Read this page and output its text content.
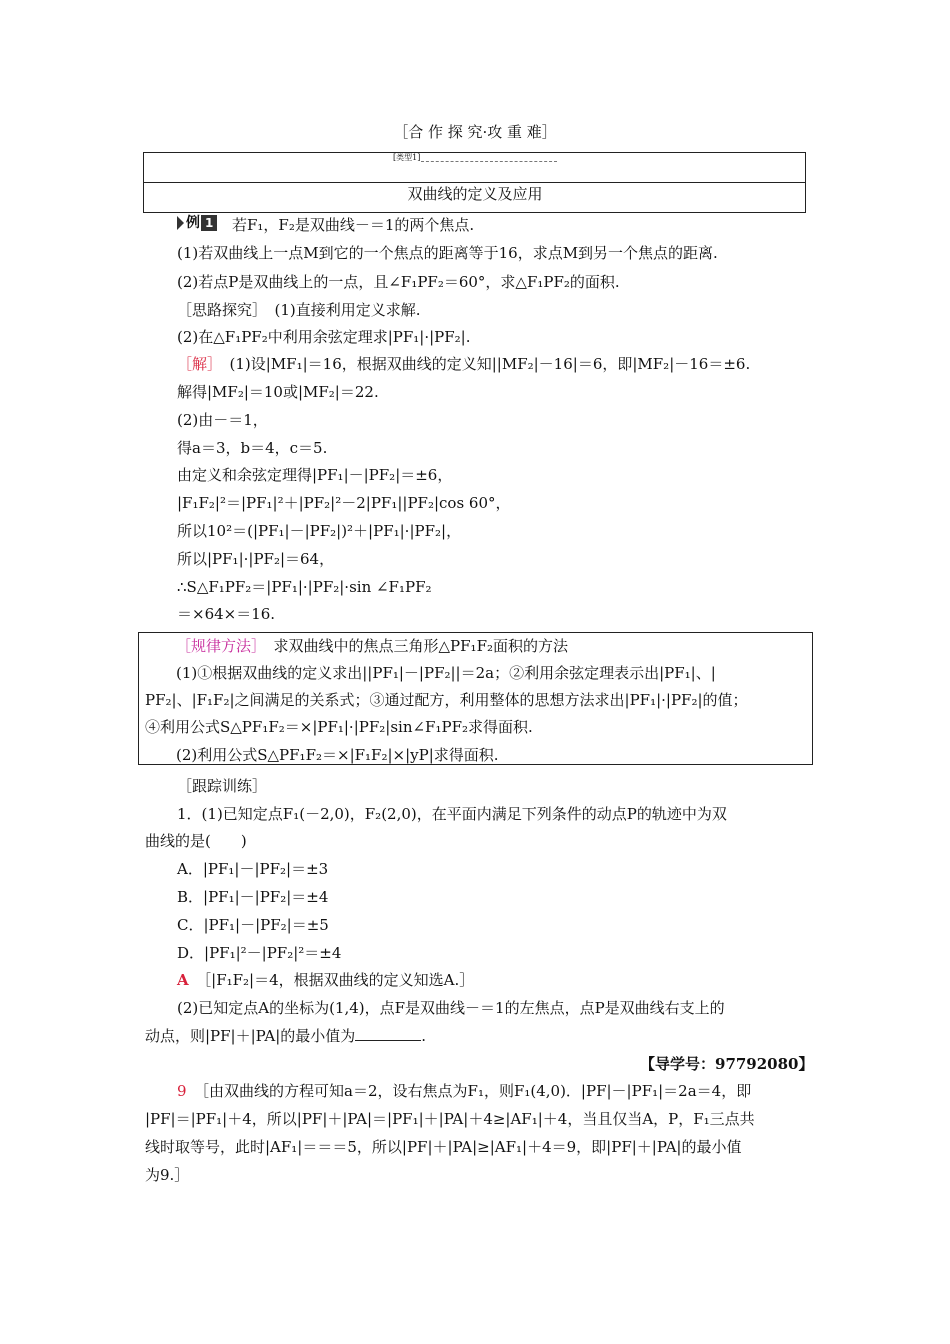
［合 作 探 究·攻 重 难］
[类型1]
双曲线的定义及应用
例 1 若F₁，F₂是双曲线－＝1的两个焦点.
(1)若双曲线上一点M到它的一个焦点的距离等于16，求点M到另一个焦点的距离.
(2)若点P是双曲线上的一点，且∠F₁PF₂＝60°，求△F₁PF₂的面积.
［思路探究］　(1)直接利用定义求解.
(2)在△F₁PF₂中利用余弦定理求|PF₁|·|PF₂|.
［解］　(1)设|MF₁|＝16，根据双曲线的定义知||MF₂|－16|＝6，即|MF₂|－16＝±6.
解得|MF₂|＝10或|MF₂|＝22.
(2)由－＝1，
得a＝3，b＝4，c＝5.
由定义和余弦定理得|PF₁|－|PF₂|＝±6，
|F₁F₂|²＝|PF₁|²＋|PF₂|²－2|PF₁||PF₂|cos 60°，
所以10²＝(|PF₁|－|PF₂|)²＋|PF₁|·|PF₂|，
所以|PF₁|·|PF₂|＝64，
∴S△F₁PF₂＝|PF₁|·|PF₂|·sin ∠F₁PF₂
＝×64×＝16.
［规律方法］　求双曲线中的焦点三角形△PF₁F₂面积的方法
(1)①根据双曲线的定义求出||PF₁|－|PF₂||＝2a；②利用余弦定理表示出|PF₁|、|
PF₂|、|F₁F₂|之间满足的关系式；③通过配方，利用整体的思想方法求出|PF₁|·|PF₂|的值；
④利用公式S△PF₁F₂＝×|PF₁|·|PF₂|sin∠F₁PF₂求得面积.
(2)利用公式S△PF₁F₂＝×|F₁F₂|×|yP|求得面积.
［跟踪训练］
1．(1)已知定点F₁(－2,0)，F₂(2,0)，在平面内满足下列条件的动点P的轨迹中为双
曲线的是(　　)
A．|PF₁|－|PF₂|＝±3
B．|PF₁|－|PF₂|＝±4
C．|PF₁|－|PF₂|＝±5
D．|PF₁|²－|PF₂|²＝±4
A　［|F₁F₂|＝4，根据双曲线的定义知选A.］
(2)已知定点A的坐标为(1,4)，点F是双曲线－＝1的左焦点，点P是双曲线右支上的
动点，则|PF|＋|PA|的最小值为	.
【导学号：97792080】
9　［由双曲线的方程可知a＝2，设右焦点为F₁，则F₁(4,0)．|PF|－|PF₁|＝2a＝4，即
|PF|＝|PF₁|＋4，所以|PF|＋|PA|＝|PF₁|＋|PA|＋4≥|AF₁|＋4，当且仅当A，P，F₁三点共
线时取等号，此时|AF₁|＝＝＝5，所以|PF|＋|PA|≥|AF₁|＋4＝9，即|PF|＋|PA|的最小值
为9.］
